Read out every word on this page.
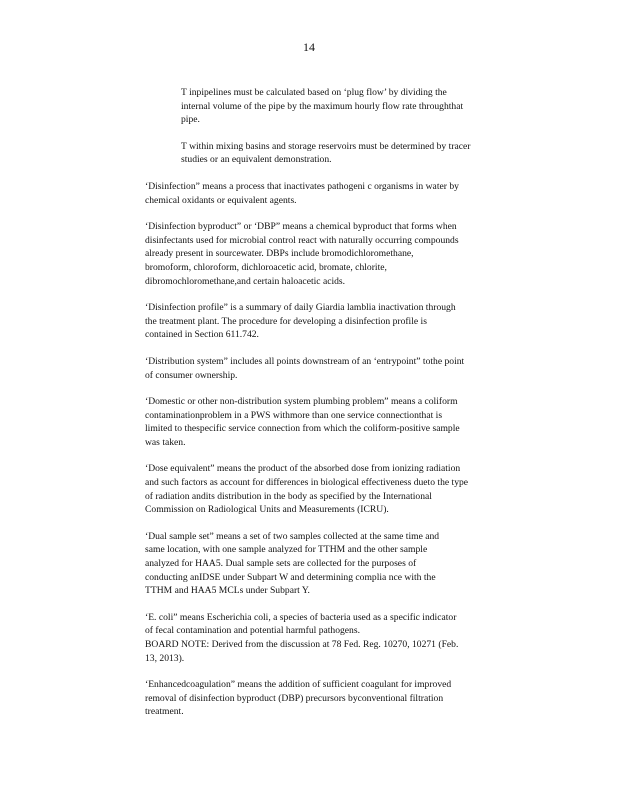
14

T inpipelines must be calculated based on ‘plug flow’ by dividing the
internal volume of the pipe by the maximum hourly flow rate throughthat
pipe.

T within mixing basins and storage reservoirs must be determined by tracer
studies or an equivalent demonstration.

‘Disinfection” means a process that inactivates pathogeni c organisms in water by
chemical oxidants or equivalent agents.

‘Disinfection byproduct” or ‘DBP” means a chemical byproduct that forms when
disinfectants used for microbial control react with naturally occurring compounds
already present in sourcewater. DBPs include bromodichloromethane,
bromoform, chloroform, dichloroacetic acid, bromate, chlorite,
dibromochloromethane,and certain haloacetic acids.

‘Disinfection profile” is a summary of daily Giardia lamblia inactivation through
the treatment plant. The procedure for developing a disinfection profile is
contained in Section 611.742.

‘Distribution system” includes all points downstream of an ‘entrypoint” tothe point
of consumer ownership.

‘Domestic or other non-distribution system plumbing problem” means a coliform
contaminationproblem in a PWS withmore than one service connectionthat is
limited to thespecific service connection from which the coliform-positive sample
was taken.

‘Dose equivalent” means the product of the absorbed dose from ionizing radiation
and such factors as account for differences in biological effectiveness dueto the type
of radiation andits distribution in the body as specified by the International
Commission on Radiological Units and Measurements (ICRU).

‘Dual sample set” means a set of two samples collected at the same time and
same location, with one sample analyzed for TTHM and the other sample
analyzed for HAA5. Dual sample sets are collected for the purposes of
conducting anIDSE under Subpart W and determining complia nce with the
TTHM and HAA5 MCLs under Subpart Y.

‘E. coli” means Escherichia coli, a species of bacteria used as a specific indicator
of fecal contamination and potential harmful pathogens.
BOARD NOTE: Derived from the discussion at 78 Fed. Reg. 10270, 10271 (Feb.
13, 2013).

‘Enhancedcoagulation” means the addition of sufficient coagulant for improved
removal of disinfection byproduct (DBP) precursors byconventional filtration
treatment.
